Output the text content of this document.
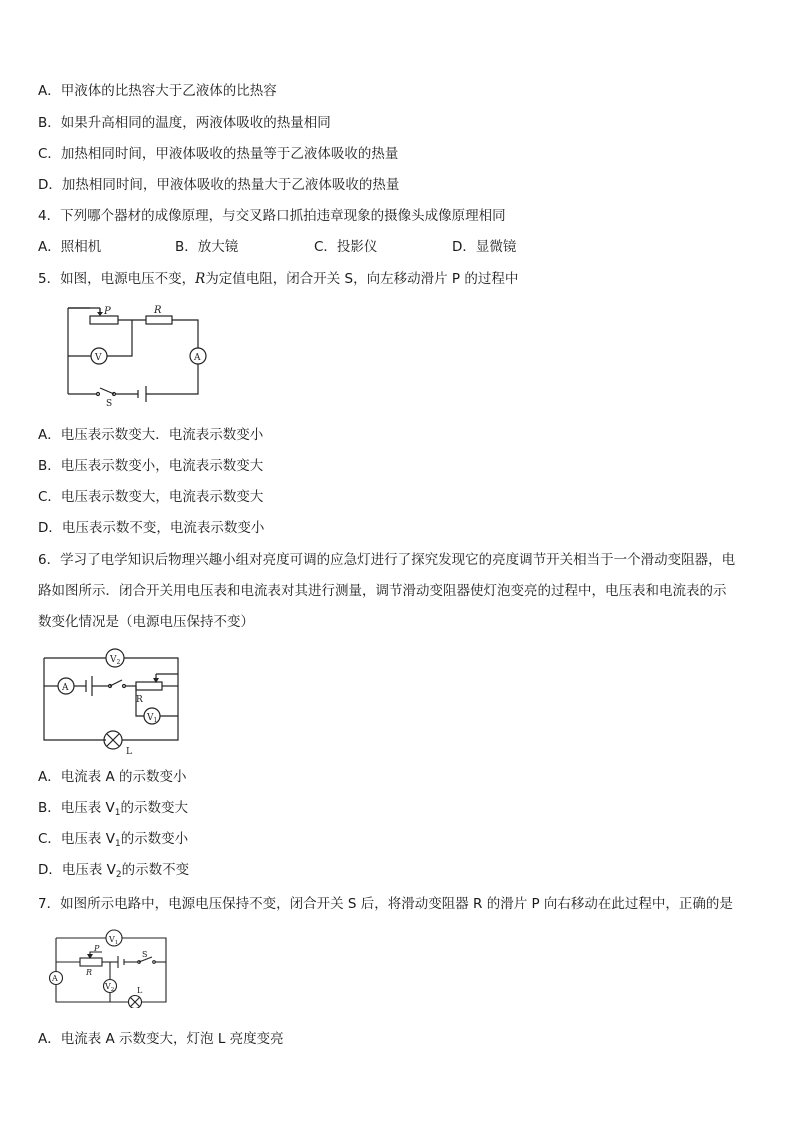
A．甲液体的比热容大于乙液体的比热容
B．如果升高相同的温度，两液体吸收的热量相同
C．加热相同时间，甲液体吸收的热量等于乙液体吸收的热量
D．加热相同时间，甲液体吸收的热量大于乙液体吸收的热量
4．下列哪个器材的成像原理，与交叉路口抓拍违章现象的摄像头成像原理相同
A．照相机	B．放大镜	C．投影仪	D．显微镜
5．如图，电源电压不变，R为定值电阻，闭合开关 S，向左移动滑片 P 的过程中
P	R
V	A
S
A．电压表示数变大．电流表示数变小
B．电压表示数变小，电流表示数变大
C．电压表示数变大，电流表示数变大
D．电压表示数不变，电流表示数变小
6．学习了电学知识后物理兴趣小组对亮度可调的应急灯进行了探究发现它的亮度调节开关相当于一个滑动变阻器，电
路如图所示．闭合开关用电压表和电流表对其进行测量，调节滑动变阻器使灯泡变亮的过程中，电压表和电流表的示
数变化情况是（电源电压保持不变）
$V_2$
A
R
$V_1$
L
A．电流表 A 的示数变小
B．电压表 $V_1$的示数变大
C．电压表 $V_1$的示数变小
D．电压表 $V_2$的示数不变
7．如图所示电路中，电源电压保持不变，闭合开关 S 后，将滑动变阻器 R 的滑片 P 向右移动在此过程中，正确的是
$V_1$
P
R
S
A
$V_2$	L
A．电流表 A 示数变大，灯泡 L 亮度变亮
